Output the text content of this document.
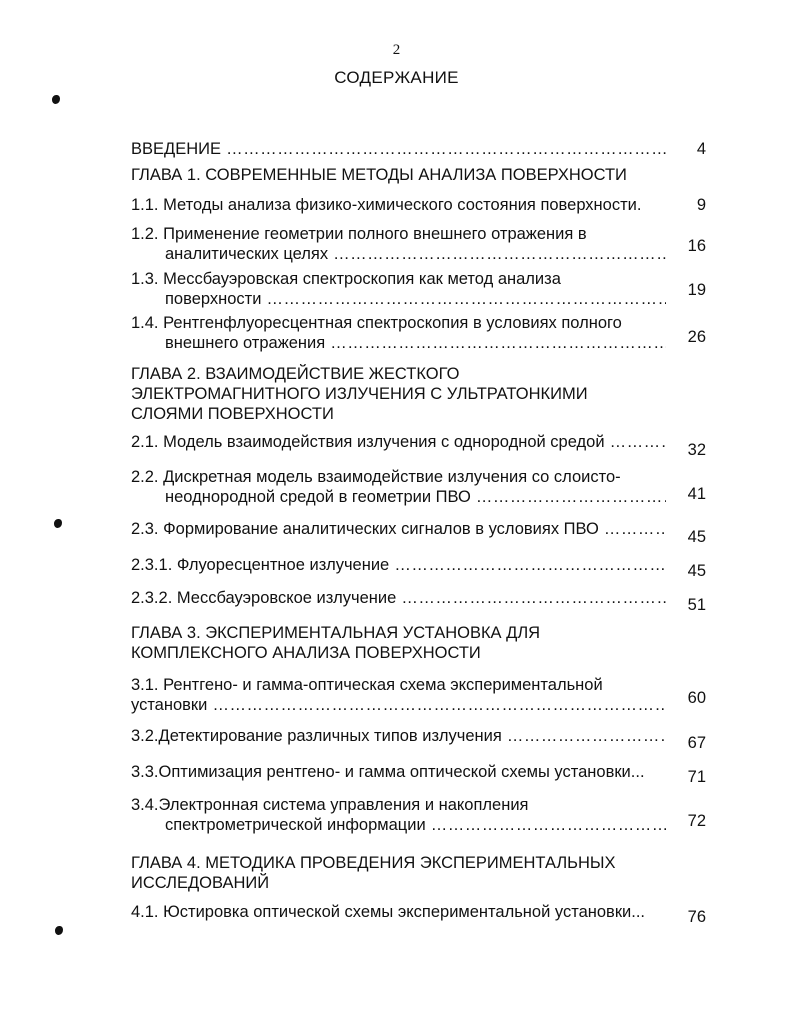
2
СОДЕРЖАНИЕ
ВВЕДЕНИЕ ……………………………………………………………………………………………………………………………………………………………	4
ГЛАВА 1. СОВРЕМЕННЫЕ МЕТОДЫ АНАЛИЗА ПОВЕРХНОСТИ
1.1. Методы анализа физико-химического состояния поверхности.	9
1.2. Применение геометрии полного внешнего отражения в
аналитических целях ……………………………………………………………………………………………………………………………………………………………	16
1.3. Мессбауэровская спектроскопия как метод анализа
поверхности ……………………………………………………………………………………………………………………………………………………………	19
1.4. Рентгенфлуоресцентная спектроскопия в условиях полного
внешнего отражения ……………………………………………………………………………………………………………………………………………………………	26
ГЛАВА 2. ВЗАИМОДЕЙСТВИЕ ЖЕСТКОГО
ЭЛЕКТРОМАГНИТНОГО ИЗЛУЧЕНИЯ С УЛЬТРАТОНКИМИ
СЛОЯМИ ПОВЕРХНОСТИ
2.1. Модель взаимодействия излучения с однородной средой ……………………………………………………………………………………………………………………………………………………………	32
2.2. Дискретная модель взаимодействие излучения со слоисто-
неоднородной средой в геометрии ПВО ……………………………………………………………………………………………………………………………………………………………	41
2.3. Формирование аналитических сигналов в условиях ПВО ……………………………………………………………………………………………………………………………………………………………	45
2.3.1. Флуоресцентное излучение ……………………………………………………………………………………………………………………………………………………………	45
2.3.2. Мессбауэровское излучение ……………………………………………………………………………………………………………………………………………………………	51
ГЛАВА 3. ЭКСПЕРИМЕНТАЛЬНАЯ УСТАНОВКА ДЛЯ
КОМПЛЕКСНОГО АНАЛИЗА ПОВЕРХНОСТИ
3.1. Рентгено- и гамма-оптическая схема экспериментальной
установки ……………………………………………………………………………………………………………………………………………………………	60
3.2.Детектирование различных типов излучения ……………………………………………………………………………………………………………………………………………………………	67
3.3.Оптимизация рентгено- и гамма оптической схемы установки...	71
3.4.Электронная система управления и накопления
спектрометрической информации ……………………………………………………………………………………………………………………………………………………………	72
ГЛАВА 4. МЕТОДИКА ПРОВЕДЕНИЯ ЭКСПЕРИМЕНТАЛЬНЫХ
ИССЛЕДОВАНИЙ
4.1. Юстировка оптической схемы экспериментальной установки...	76
